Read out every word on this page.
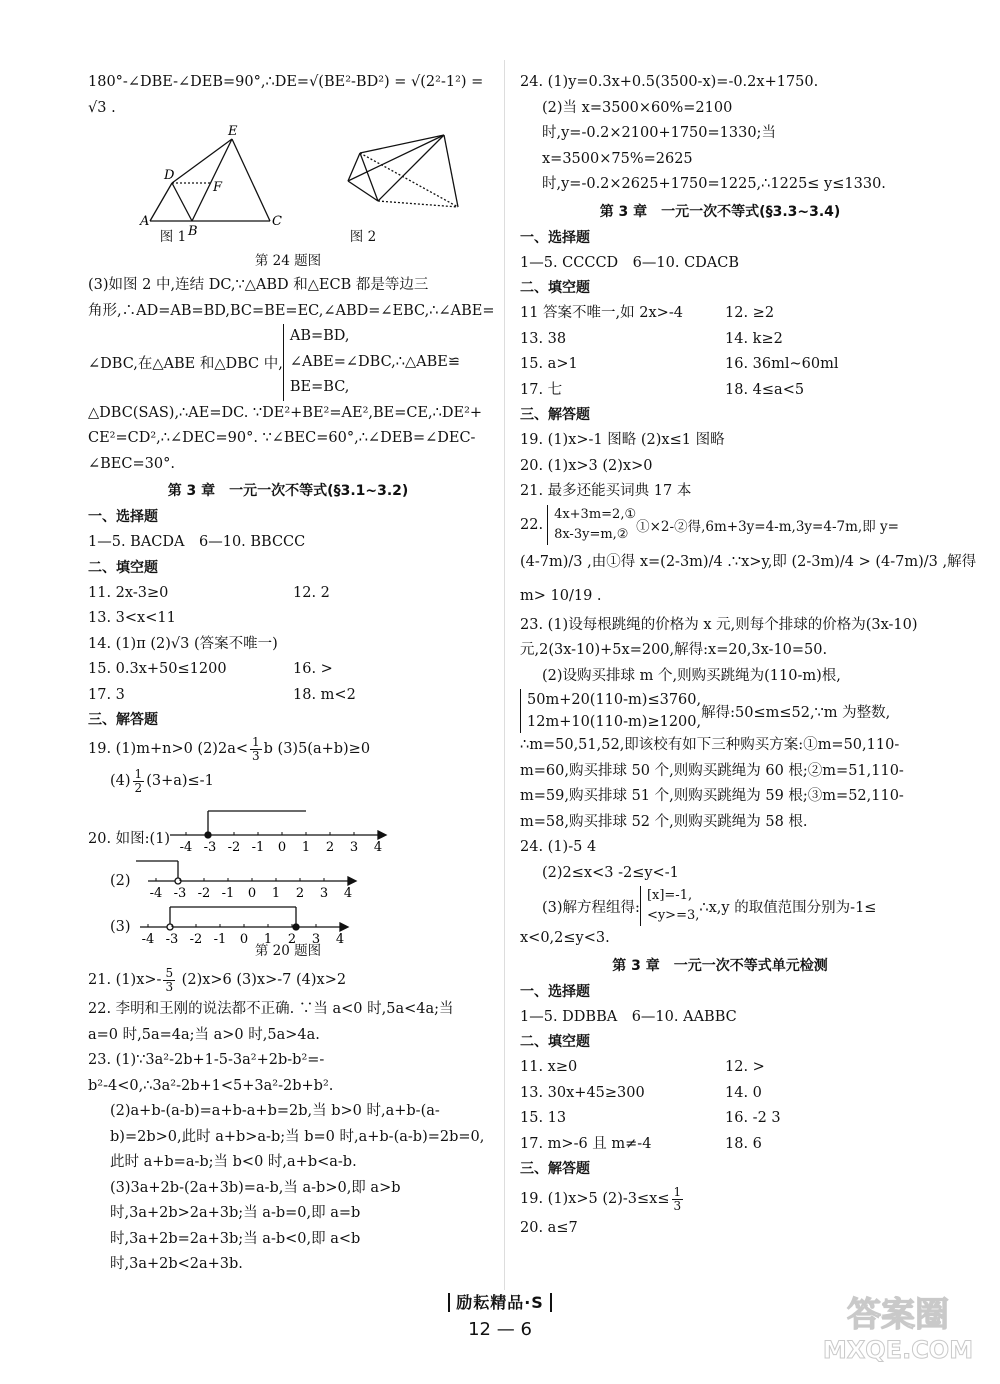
180°-∠DBE-∠DEB=90°,∴DE=√(BE²-BD²) = √(2²-1²) =
√3 .
E
D
F
A
B
C
图 1	图 2
第 24 题图
(3)如图 2 中,连结 DC,∵△ABD 和△ECB 都是等边三
角形,∴AD=AB=BD,BC=BE=EC,∠ABD=∠EBC,∴∠ABE=
∠DBC,在△ABE 和△DBC 中,
AB=BD,
∠ABE=∠DBC,∴△ABE≌
BE=BC,
△DBC(SAS),∴AE=DC. ∵DE²+BE²=AE²,BE=CE,∴DE²+
CE²=CD²,∴∠DEC=90°. ∵∠BEC=60°,∴∠DEB=∠DEC-
∠BEC=30°.
第 3 章　一元一次不等式(§3.1~3.2)
一、选择题
1—5. BACDA　6—10. BBCCC
二、填空题
11. 2x-3≥0	12. 2
13. 3<x<11
14. (1)π (2)√3 (答案不唯一)
15. 0.3x+50≤1200	16. >
17. 3	18. m<2
三、解答题
19. (1)m+n>0 $(2)2a< \frac{1}{3}$ b (3)5(a+b)≥0
$(4) \frac{1}{2} (3+a)\le-1$
20. 如图:(1)
(2)
(3)
-4 -3 -2 -1 0 1 2 3 4
-4 -3 -2 -1 0 1 2 3 4
-4 -3 -2 -1 0 1 2 3 4
第 20 题图
21. $(1)x>- \frac{5}{3} (2)x>6$ (3)x>-7 (4)x>2
22. 李明和王刚的说法都不正确. ∵当 a<0 时,5a<4a;当 a=0 时,5a=4a;当 a>0 时,5a>4a.
23. (1)∵3a²-2b+1-5-3a²+2b-b²=-b²-4<0,∴3a²-2b+1<5+3a²-2b+b².
(2)a+b-(a-b)=a+b-a+b=2b,当 b>0 时,a+b-(a-b)=2b>0,此时 a+b>a-b;当 b=0 时,a+b-(a-b)=2b=0,此时 a+b=a-b;当 b<0 时,a+b<a-b.
(3)3a+2b-(2a+3b)=a-b,当 a-b>0,即 a>b 时,3a+2b>2a+3b;当 a-b=0,即 a=b 时,3a+2b=2a+3b;当 a-b<0,即 a<b 时,3a+2b<2a+3b.
24. (1)y=0.3x+0.5(3500-x)=-0.2x+1750.
(2)当 x=3500×60%=2100 时,y=-0.2×2100+1750=1330;当 x=3500×75%=2625 时,y=-0.2×2625+1750=1225,∴1225≤ y≤1330.
第 3 章　一元一次不等式(§3.3~3.4)
一、选择题
1—5. CCCCD　6—10. CDACB
二、填空题
11 答案不唯一,如 2x>-4	12. ≥2
13. 38	14. k≥2
15. a>1	16. 36ml~60ml
17. 七	18. 4≤a<5
三、解答题
19. (1)x>-1 图略 (2)x≤1 图略
20. (1)x>3 (2)x>0
21. 最多还能买词典 17 本
22.
4x+3m=2,①
8x-3y=m,② ①×2-②得,6m+3y=4-m,3y=4-7m,即 y=
(4-7m)/3 ,由①得 x=(2-3m)/4 .∵x>y,即 (2-3m)/4 > (4-7m)/3 ,解得
m> 10/19 .
23. (1)设每根跳绳的价格为 x 元,则每个排球的价格为(3x-10)元,2(3x-10)+5x=200,解得:x=20,3x-10=50.
(2)设购买排球 m 个,则购买跳绳为(110-m)根,
50m+20(110-m)≤3760,
12m+10(110-m)≥1200,
解得:50≤m≤52,∵m 为整数,
∴m=50,51,52,即该校有如下三种购买方案:①m=50,110-m=60,购买排球 50 个,则购买跳绳为 60 根;②m=51,110-m=59,购买排球 51 个,则购买跳绳为 59 根;③m=52,110-m=58,购买排球 52 个,则购买跳绳为 58 根.
24. (1)-5 4
(2)2≤x<3 -2≤y<-1
(3)解方程组得:
[x]=-1,
<y>=3, ∴x,y 的取值范围分别为-1≤
x<0,2≤y<3.
第 3 章　一元一次不等式单元检测
一、选择题
1—5. DDBBA　6—10. AABBC
二、填空题
11. x≥0	12. >
13. 30x+45≥300	14. 0
15. 13	16. -2 3
17. m>-6 且 m≠-4	18. 6
三、解答题
19. (1)x>5 $(2)-3\le x\le \frac{1}{3}$
20. a≤7
励耘精品·S
12 — 6	答案圈
MXQE.COM
